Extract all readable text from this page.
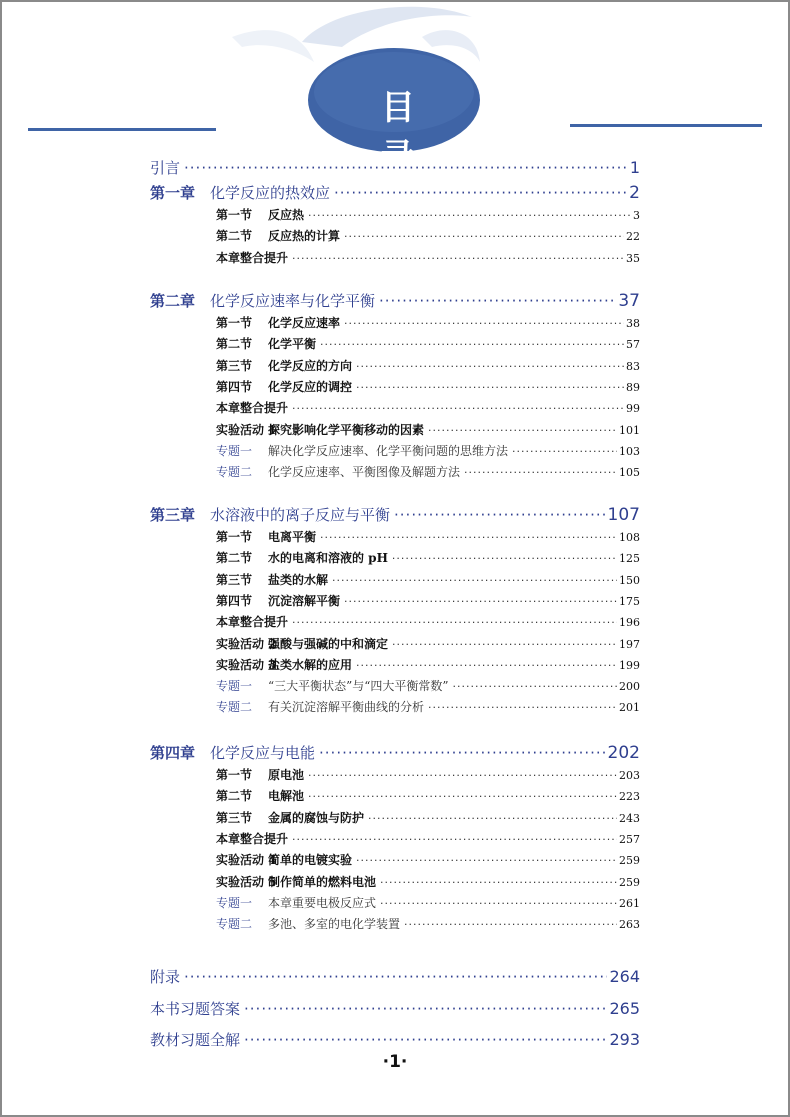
目 录
引言 ·····	1
第一章 化学反应的热效应 ·····	2
第一节 反应热 ·····	3
第二节 反应热的计算 ·····	22
本章整合提升 ·····	35
第二章 化学反应速率与化学平衡 ·····	37
第一节 化学反应速率 ·····	38
第二节 化学平衡 ·····	57
第三节 化学反应的方向 ·····	83
第四节 化学反应的调控 ·····	89
本章整合提升 ·····	99
实验活动 1探究影响化学平衡移动的因素 ·····	101
专题一 解决化学反应速率、化学平衡问题的思维方法 ·····	103
专题二 化学反应速率、平衡图像及解题方法 ·····	105
第三章 水溶液中的离子反应与平衡 ·····	107
第一节 电离平衡 ·····	108
第二节 水的电离和溶液的 pH ·····	125
第三节 盐类的水解 ·····	150
第四节 沉淀溶解平衡 ·····	175
本章整合提升 ·····	196
实验活动 2强酸与强碱的中和滴定 ·····	197
实验活动 3盐类水解的应用 ·····	199
专题一 “三大平衡状态”与“四大平衡常数” ·····	200
专题二 有关沉淀溶解平衡曲线的分析 ·····	201
第四章 化学反应与电能 ·····	202
第一节 原电池 ·····	203
第二节 电解池 ·····	223
第三节 金属的腐蚀与防护 ·····	243
本章整合提升 ·····	257
实验活动 4简单的电镀实验 ·····	259
实验活动 5制作简单的燃料电池 ·····	259
专题一 本章重要电极反应式 ·····	261
专题二 多池、多室的电化学装置 ·····	263
附录 ·····	264
本书习题答案 ·····	265
教材习题全解 ·····	293
·1·
